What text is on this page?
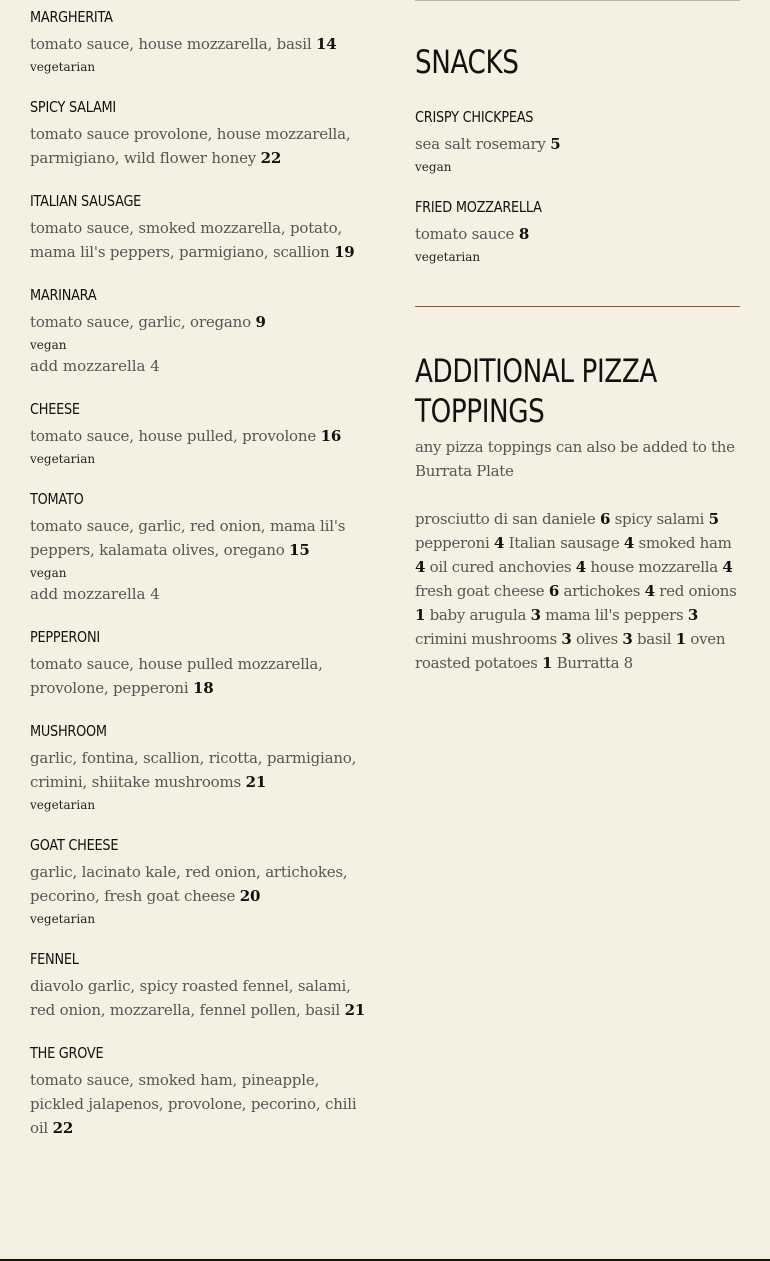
MARGHERITA
tomato sauce, house mozzarella, basil 14
vegetarian
SPICY SALAMI
tomato sauce provolone, house mozzarella, parmigiano, wild flower honey 22
ITALIAN SAUSAGE
tomato sauce, smoked mozzarella, potato, mama lil's peppers, parmigiano, scallion 19
MARINARA
tomato sauce, garlic, oregano 9
vegan
add mozzarella 4
CHEESE
tomato sauce, house pulled, provolone 16
vegetarian
TOMATO
tomato sauce, garlic, red onion, mama lil's peppers, kalamata olives, oregano 15
vegan
add mozzarella 4
PEPPERONI
tomato sauce, house pulled mozzarella, provolone, pepperoni 18
MUSHROOM
garlic, fontina, scallion, ricotta, parmigiano, crimini, shiitake mushrooms 21
vegetarian
GOAT CHEESE
garlic, lacinato kale, red onion, artichokes, pecorino, fresh goat cheese 20
vegetarian
FENNEL
diavolo garlic, spicy roasted fennel, salami, red onion, mozzarella, fennel pollen, basil 21
THE GROVE
tomato sauce, smoked ham, pineapple, pickled jalapenos, provolone, pecorino, chili oil 22
SNACKS
CRISPY CHICKPEAS
sea salt rosemary 5
vegan
FRIED MOZZARELLA
tomato sauce 8
vegetarian
ADDITIONAL PIZZA TOPPINGS
any pizza toppings can also be added to the Burrata Plate
prosciutto di san daniele 6 spicy salami 5 pepperoni 4 Italian sausage 4 smoked ham 4 oil cured anchovies 4 house mozzarella 4 fresh goat cheese 6 artichokes 4 red onions 1 baby arugula 3 mama lil's peppers 3 crimini mushrooms 3 olives 3 basil 1 oven roasted potatoes 1 Burratta 8
